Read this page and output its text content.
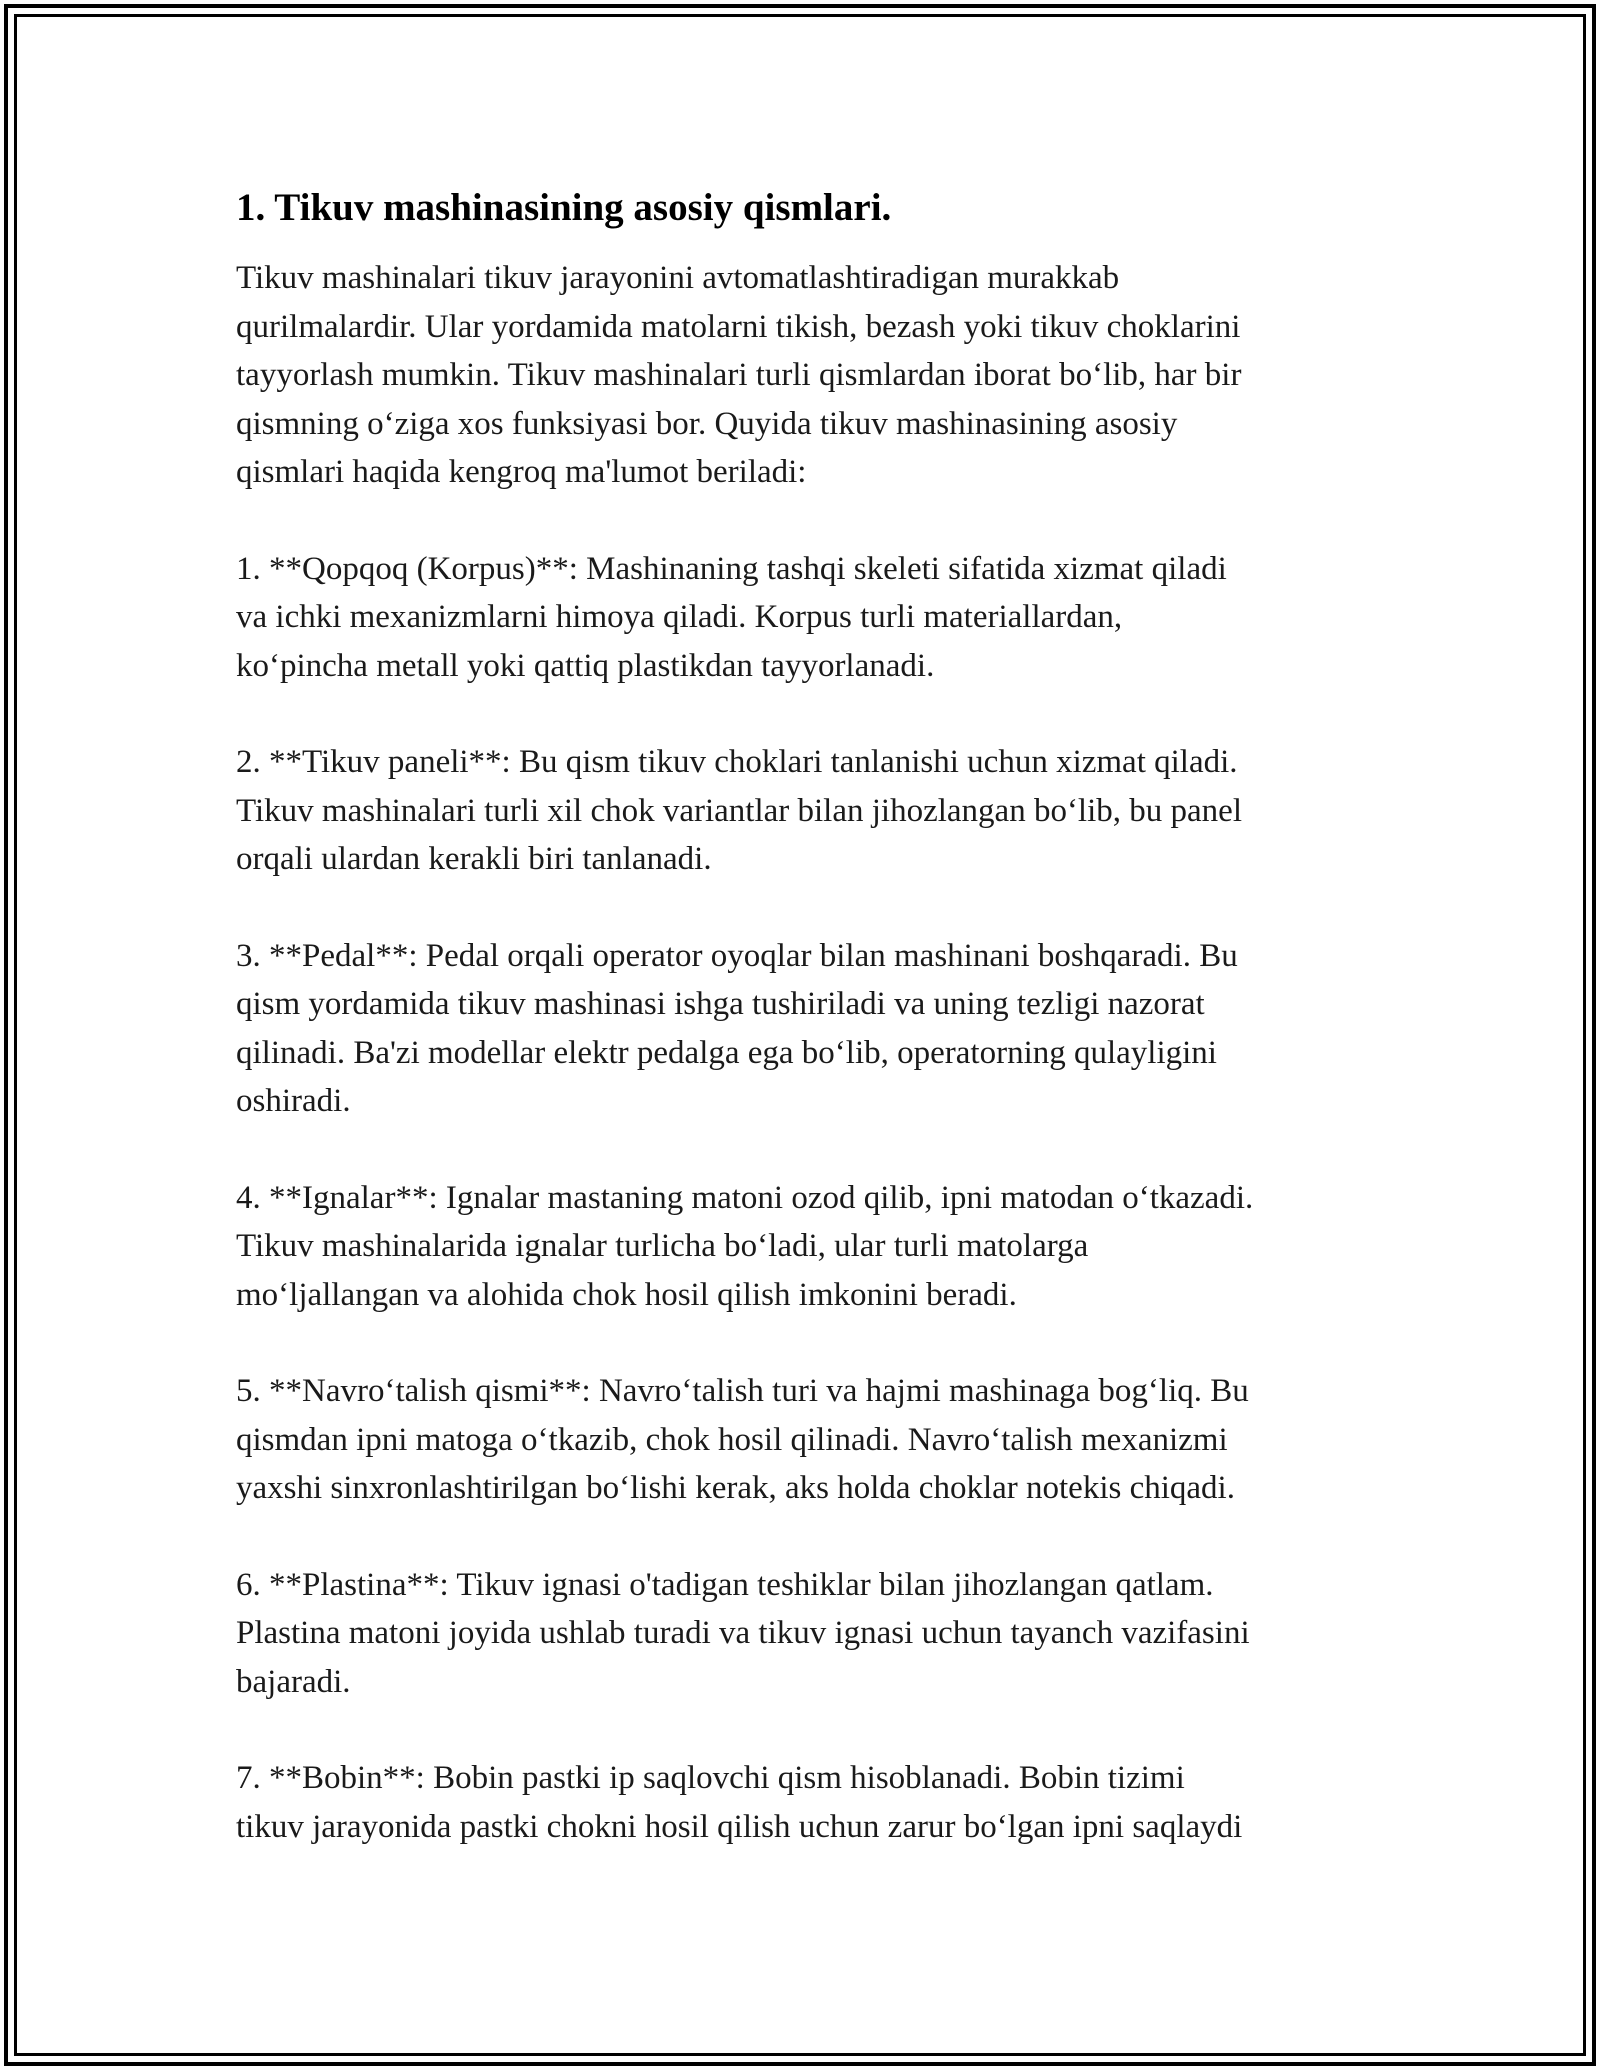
1. Tikuv mashinasining asosiy qismlari.
Tikuv mashinalari tikuv jarayonini avtomatlashtiradigan murakkab
qurilmalardir. Ular yordamida matolarni tikish, bezash yoki tikuv choklarini
tayyorlash mumkin. Tikuv mashinalari turli qismlardan iborat bo‘lib, har bir
qismning o‘ziga xos funksiyasi bor. Quyida tikuv mashinasining asosiy
qismlari haqida kengroq ma'lumot beriladi:
1. **Qopqoq (Korpus)**: Mashinaning tashqi skeleti sifatida xizmat qiladi
va ichki mexanizmlarni himoya qiladi. Korpus turli materiallardan,
ko‘pincha metall yoki qattiq plastikdan tayyorlanadi.
2. **Tikuv paneli**: Bu qism tikuv choklari tanlanishi uchun xizmat qiladi.
Tikuv mashinalari turli xil chok variantlar bilan jihozlangan bo‘lib, bu panel
orqali ulardan kerakli biri tanlanadi.
3. **Pedal**: Pedal orqali operator oyoqlar bilan mashinani boshqaradi. Bu
qism yordamida tikuv mashinasi ishga tushiriladi va uning tezligi nazorat
qilinadi. Ba'zi modellar elektr pedalga ega bo‘lib, operatorning qulayligini
oshiradi.
4. **Ignalar**: Ignalar mastaning matoni ozod qilib, ipni matodan o‘tkazadi.
Tikuv mashinalarida ignalar turlicha bo‘ladi, ular turli matolarga
mo‘ljallangan va alohida chok hosil qilish imkonini beradi.
5. **Navro‘talish qismi**: Navro‘talish turi va hajmi mashinaga bog‘liq. Bu
qismdan ipni matoga o‘tkazib, chok hosil qilinadi. Navro‘talish mexanizmi
yaxshi sinxronlashtirilgan bo‘lishi kerak, aks holda choklar notekis chiqadi.
6. **Plastina**: Tikuv ignasi o'tadigan teshiklar bilan jihozlangan qatlam.
Plastina matoni joyida ushlab turadi va tikuv ignasi uchun tayanch vazifasini
bajaradi.
7. **Bobin**: Bobin pastki ip saqlovchi qism hisoblanadi. Bobin tizimi
tikuv jarayonida pastki chokni hosil qilish uchun zarur bo‘lgan ipni saqlaydi
